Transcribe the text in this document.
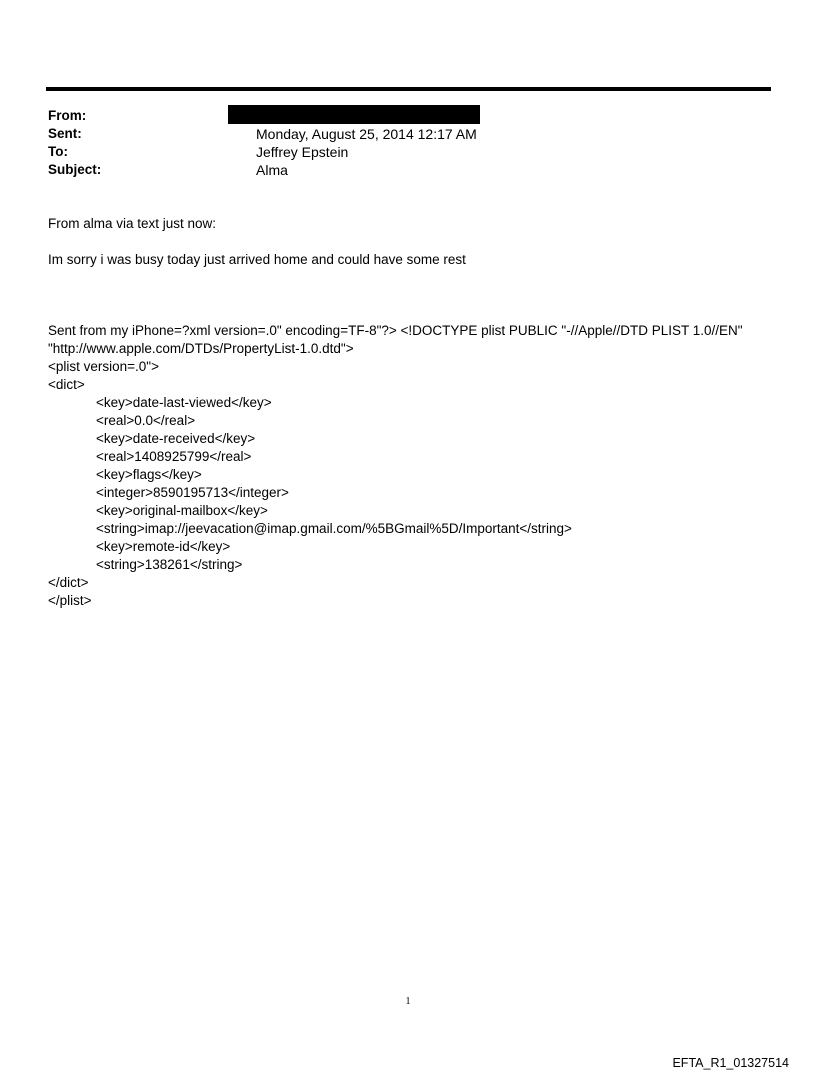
From:
Sent:	Monday, August 25, 2014 12:17 AM
To:	Jeffrey Epstein
Subject:	Alma
From alma via text just now:
Im sorry i was busy today just arrived home and could have some rest
Sent from my iPhone=?xml version=.0" encoding=TF-8"?> <!DOCTYPE plist PUBLIC "-//Apple//DTD PLIST 1.0//EN"
"http://www.apple.com/DTDs/PropertyList-1.0.dtd">
<plist version=.0">
<dict>
<key>date-last-viewed</key>
<real>0.0</real>
<key>date-received</key>
<real>1408925799</real>
<key>flags</key>
<integer>8590195713</integer>
<key>original-mailbox</key>
<string>imap://jeevacation@imap.gmail.com/%5BGmail%5D/Important</string>
<key>remote-id</key>
<string>138261</string>
</dict>
</plist>
1
EFTA_R1_01327514
